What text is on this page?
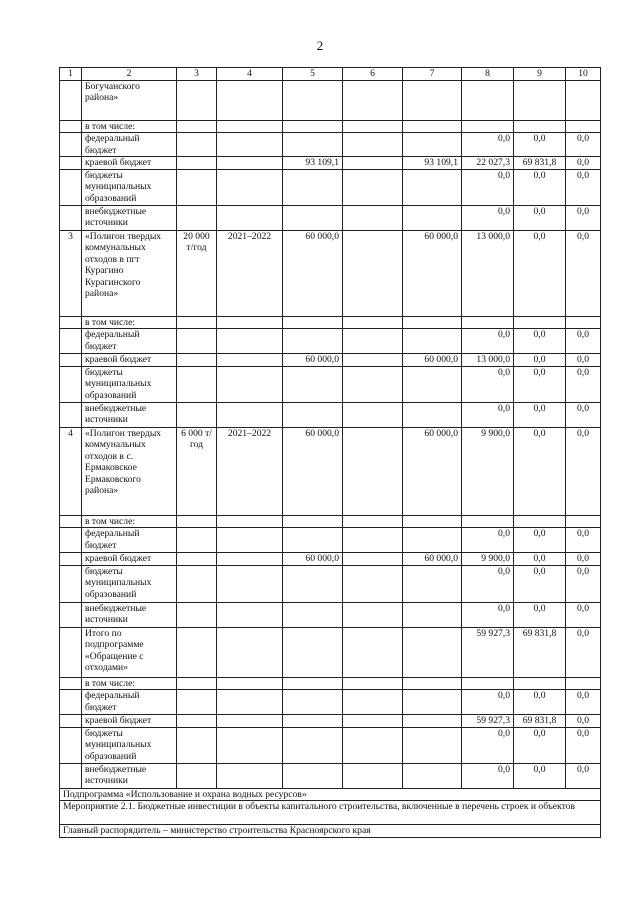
2
1	2	3	4	5	6	7	8	9	10
	Богучанского района»								
	в том числе:								
	федеральный бюджет						0,0	0,0	0,0
	краевой бюджет			93 109,1		93 109,1	22 027,3	69 831,8	0,0
	бюджеты муниципальных образований						0,0	0,0	0,0
	внебюджетные источники						0,0	0,0	0,0
3	«Полигон твердых коммунальных отходов в пгт Курагино Курагинского района»	20 000 т/год	2021–2022	60 000,0		60 000,0	13 000,0	0,0	0,0
	в том числе:								
	федеральный бюджет						0,0	0,0	0,0
	краевой бюджет			60 000,0		60 000,0	13 000,0	0,0	0,0
	бюджеты муниципальных образований						0,0	0,0	0,0
	внебюджетные источники						0,0	0,0	0,0
4	«Полигон твердых коммунальных отходов в с. Ермаковское Ермаковского района»	6 000 т/год	2021–2022	60 000,0		60 000,0	9 900,0	0,0	0,0
	в том числе:								
	федеральный бюджет						0,0	0,0	0,0
	краевой бюджет			60 000,0		60 000,0	9 900,0	0,0	0,0
	бюджеты муниципальных образований						0,0	0,0	0,0
	внебюджетные источники						0,0	0,0	0,0
	Итого по подпрограмме «Обращение с отходами»						59 927,3	69 831,8	0,0
	в том числе:								
	федеральный бюджет						0,0	0,0	0,0
	краевой бюджет						59 927,3	69 831,8	0,0
	бюджеты муниципальных образований						0,0	0,0	0,0
	внебюджетные источники						0,0	0,0	0,0
Подпрограмма «Использование и охрана водных ресурсов»									
Мероприятие 2.1. Бюджетные инвестиции в объекты капитального строительства, включенные в перечень строек и объектов									
Главный распорядитель – министерство строительства Красноярского края									
